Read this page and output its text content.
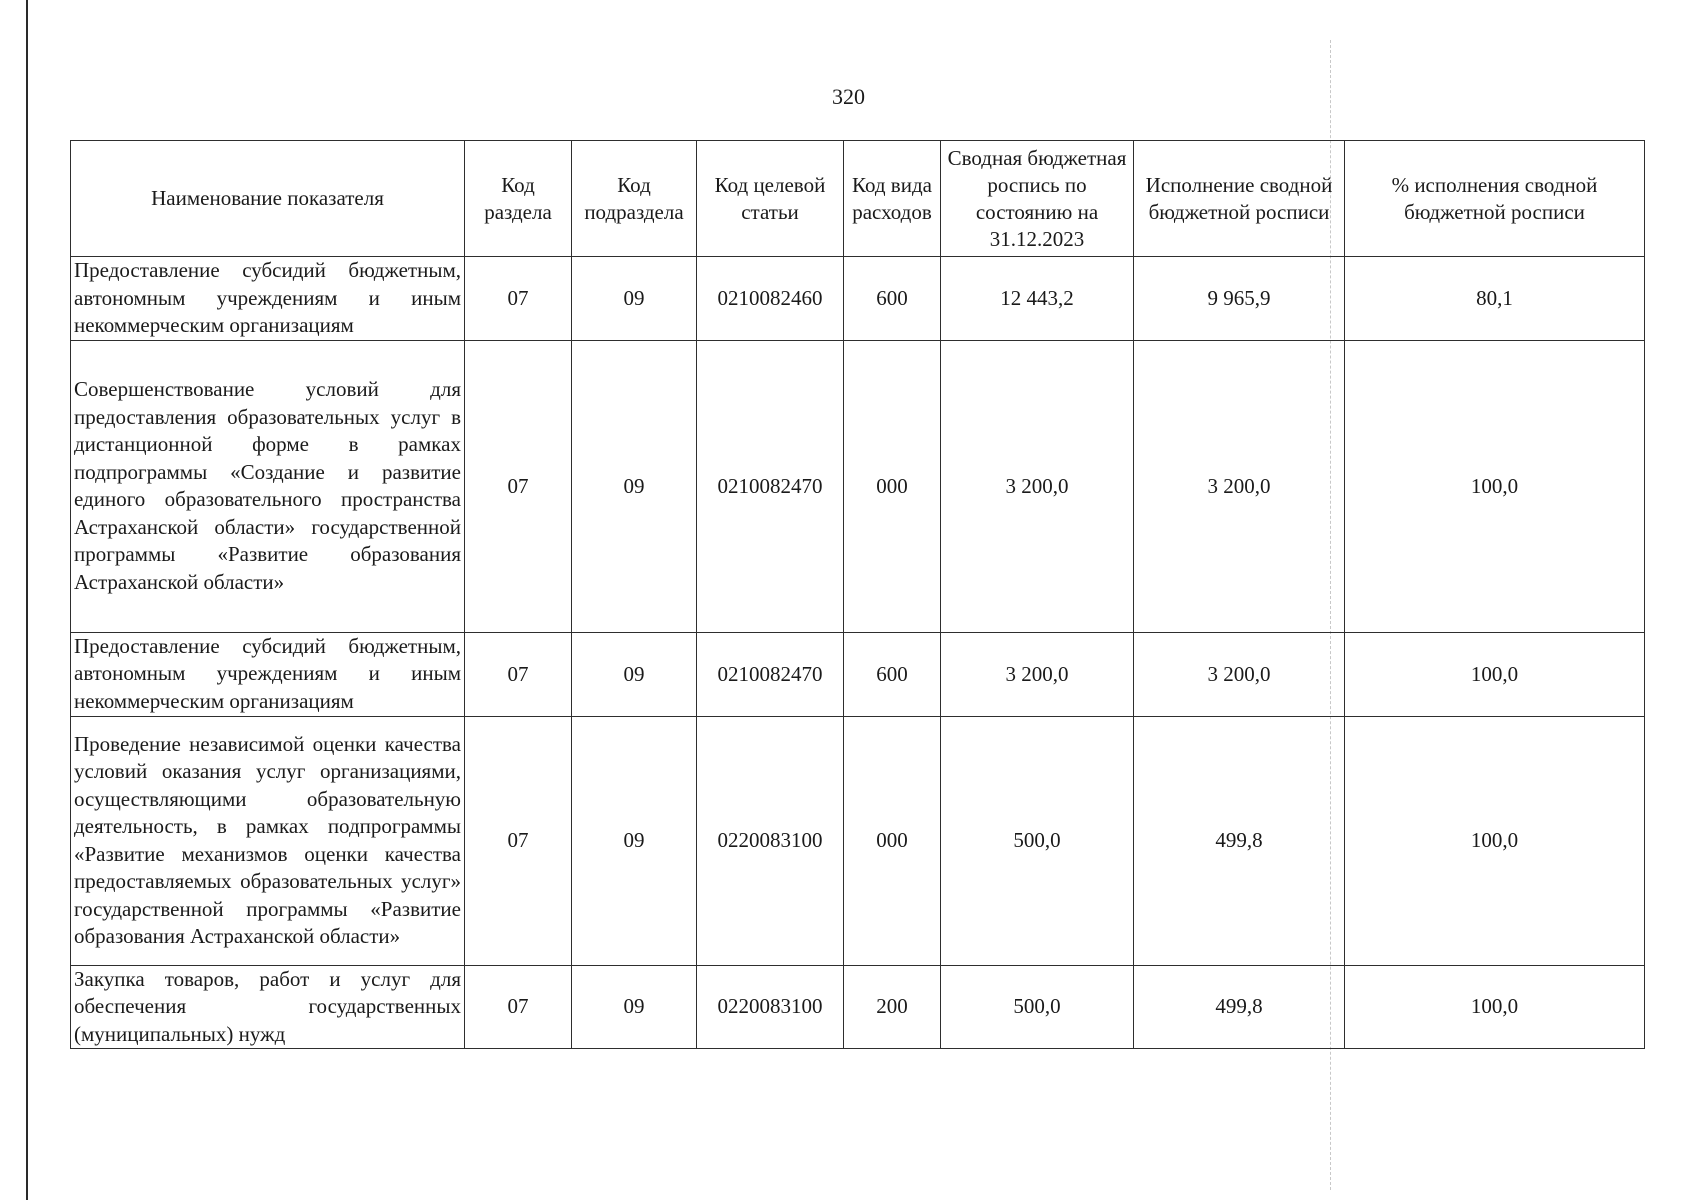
320
Наименование показателя	Код раздела	Код подраздела	Код целевой статьи	Код вида расходов	Сводная бюджетная роспись по состоянию на 31.12.2023	Исполнение сводной бюджетной росписи	% исполнения сводной бюджетной росписи
Предоставление субсидий бюджетным, автономным учреждениям и иным некоммерческим организациям	07	09	0210082460	600	12 443,2	9 965,9	80,1
Совершенствование условий для предоставления образовательных услуг в дистанционной форме в рамках подпрограммы «Создание и развитие единого образовательного пространства Астраханской области» государственной программы «Развитие образования Астраханской области»	07	09	0210082470	000	3 200,0	3 200,0	100,0
Предоставление субсидий бюджетным, автономным учреждениям и иным некоммерческим организациям	07	09	0210082470	600	3 200,0	3 200,0	100,0
Проведение независимой оценки качества условий оказания услуг организациями, осуществляющими образовательную деятельность, в рамках подпрограммы «Развитие механизмов оценки качества предоставляемых образовательных услуг» государственной программы «Развитие образования Астраханской области»	07	09	0220083100	000	500,0	499,8	100,0
Закупка товаров, работ и услуг для обеспечения государственных (муниципальных) нужд	07	09	0220083100	200	500,0	499,8	100,0
